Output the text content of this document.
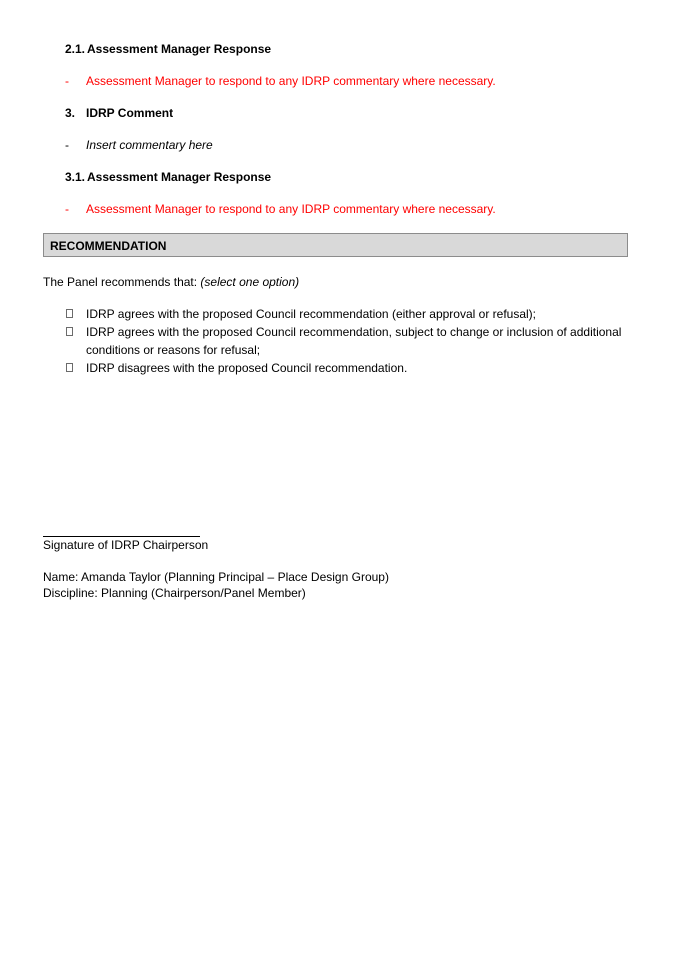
2.1. Assessment Manager Response
- Assessment Manager to respond to any IDRP commentary where necessary.
3. IDRP Comment
- Insert commentary here
3.1. Assessment Manager Response
- Assessment Manager to respond to any IDRP commentary where necessary.
RECOMMENDATION
The Panel recommends that: (select one option)
IDRP agrees with the proposed Council recommendation (either approval or refusal);
IDRP agrees with the proposed Council recommendation, subject to change or inclusion of additional
conditions or reasons for refusal;
IDRP disagrees with the proposed Council recommendation.
Signature of IDRP Chairperson
Name: Amanda Taylor (Planning Principal – Place Design Group)
Discipline: Planning (Chairperson/Panel Member)
